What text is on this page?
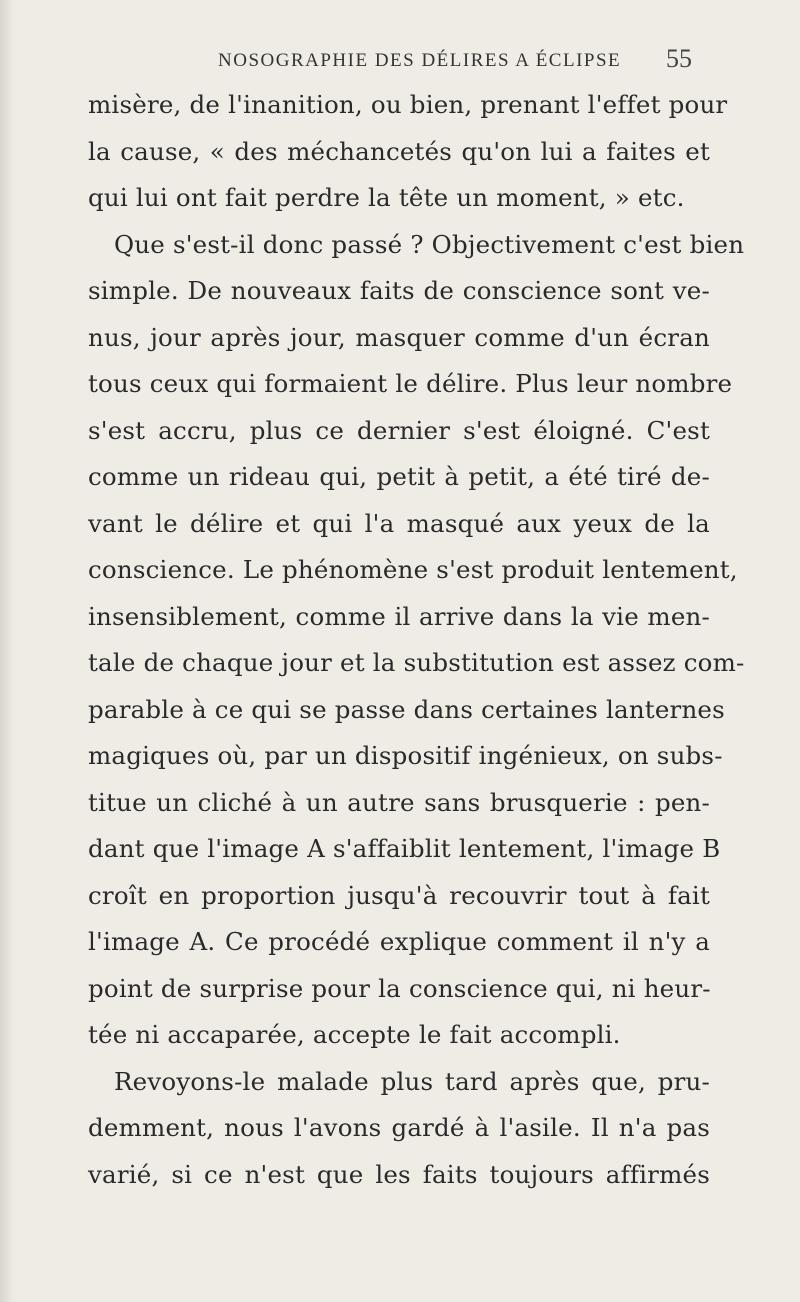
NOSOGRAPHIE DES DÉLIRES A ÉCLIPSE 55
misère, de l'inanition, ou bien, prenant l'effet pour
la cause, « des méchancetés qu'on lui a faites et
qui lui ont fait perdre la tête un moment, » etc.
Que s'est-il donc passé ? Objectivement c'est bien
simple. De nouveaux faits de conscience sont ve-
nus, jour après jour, masquer comme d'un écran
tous ceux qui formaient le délire. Plus leur nombre
s'est accru, plus ce dernier s'est éloigné. C'est
comme un rideau qui, petit à petit, a été tiré de-
vant le délire et qui l'a masqué aux yeux de la
conscience. Le phénomène s'est produit lentement,
insensiblement, comme il arrive dans la vie men-
tale de chaque jour et la substitution est assez com-
parable à ce qui se passe dans certaines lanternes
magiques où, par un dispositif ingénieux, on subs-
titue un cliché à un autre sans brusquerie : pen-
dant que l'image A s'affaiblit lentement, l'image B
croît en proportion jusqu'à recouvrir tout à fait
l'image A. Ce procédé explique comment il n'y a
point de surprise pour la conscience qui, ni heur-
tée ni accaparée, accepte le fait accompli.
Revoyons-le malade plus tard après que, pru-
demment, nous l'avons gardé à l'asile. Il n'a pas
varié, si ce n'est que les faits toujours affirmés
